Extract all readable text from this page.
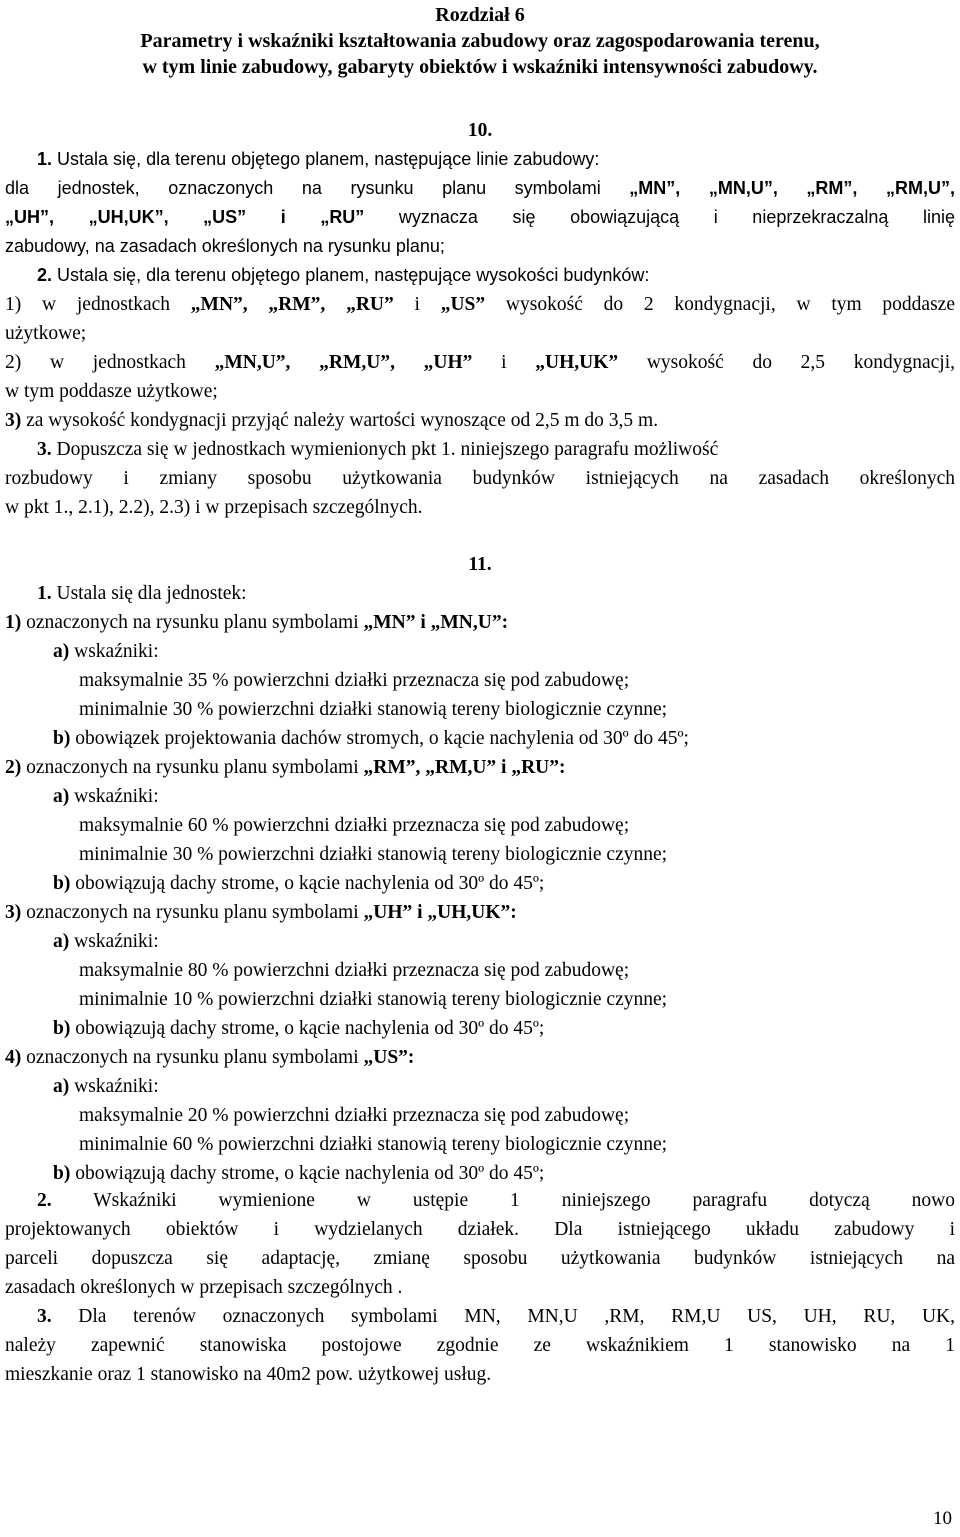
Rozdział 6
Parametry i wskaźniki kształtowania zabudowy oraz zagospodarowania terenu,
w tym linie zabudowy, gabaryty obiektów i wskaźniki intensywności zabudowy.
10.

1. Ustala się, dla terenu objętego planem, następujące linie zabudowy:

dla jednostek, oznaczonych na rysunku planu symbolami „MN”, „MN,U”, „RM”, „RM,U”,

„UH”, „UH,UK”, „US” i „RU” wyznacza się obowiązującą i nieprzekraczalną linię

zabudowy, na zasadach określonych na rysunku planu;

2. Ustala się, dla terenu objętego planem, następujące wysokości budynków:

1) w jednostkach „MN”, „RM”, „RU” i „US” wysokość do 2 kondygnacji, w tym poddasze

użytkowe;

2) w jednostkach „MN,U”, „RM,U”, „UH” i „UH,UK” wysokość do 2,5 kondygnacji,

w tym poddasze użytkowe;

3) za wysokość kondygnacji przyjąć należy wartości wynoszące od 2,5 m do 3,5 m.

3. Dopuszcza się w jednostkach wymienionych pkt 1. niniejszego paragrafu możliwość

rozbudowy i zmiany sposobu użytkowania budynków istniejących na zasadach określonych

w pkt 1., 2.1), 2.2), 2.3) i w przepisach szczególnych.

11.

1. Ustala się dla jednostek:

1) oznaczonych na rysunku planu symbolami „MN” i „MN,U”:

a) wskaźniki:

maksymalnie 35 % powierzchni działki przeznacza się pod zabudowę;

minimalnie 30 % powierzchni działki stanowią tereny biologicznie czynne;

b) obowiązek projektowania dachów stromych, o kącie nachylenia od 30º do 45º;

2) oznaczonych na rysunku planu symbolami „RM”, „RM,U” i „RU”:

a) wskaźniki:

maksymalnie 60 % powierzchni działki przeznacza się pod zabudowę;

minimalnie 30 % powierzchni działki stanowią tereny biologicznie czynne;

b) obowiązują dachy strome, o kącie nachylenia od 30º do 45º;

3) oznaczonych na rysunku planu symbolami „UH” i „UH,UK”:

a) wskaźniki:

maksymalnie 80 % powierzchni działki przeznacza się pod zabudowę;

minimalnie 10 % powierzchni działki stanowią tereny biologicznie czynne;

b) obowiązują dachy strome, o kącie nachylenia od 30º do 45º;

4) oznaczonych na rysunku planu symbolami „US”:

a) wskaźniki:

maksymalnie 20 % powierzchni działki przeznacza się pod zabudowę;

minimalnie 60 % powierzchni działki stanowią tereny biologicznie czynne;

b) obowiązują dachy strome, o kącie nachylenia od 30º do 45º;

2. Wskaźniki wymienione w ustępie 1 niniejszego paragrafu dotyczą nowo

projektowanych obiektów i wydzielanych działek. Dla istniejącego układu zabudowy i

parceli dopuszcza się adaptację, zmianę sposobu użytkowania budynków istniejących na

zasadach określonych w przepisach szczególnych .

3. Dla terenów oznaczonych symbolami MN, MN,U ,RM, RM,U US, UH, RU, UK,

należy zapewnić stanowiska postojowe zgodnie ze wskaźnikiem 1 stanowisko na 1

mieszkanie oraz 1 stanowisko na 40m2 pow. użytkowej usług.

10
